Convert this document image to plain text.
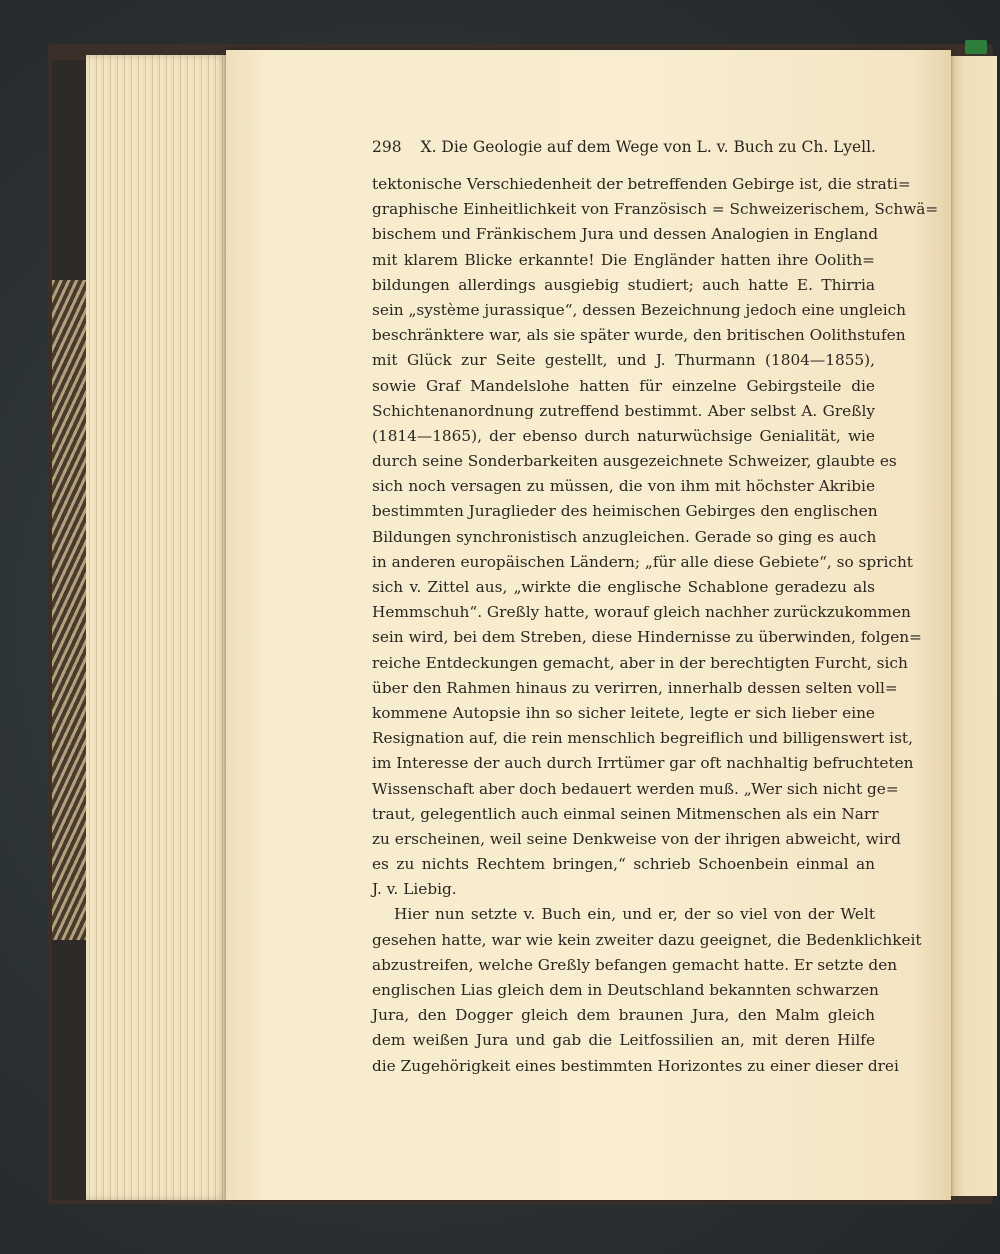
298 X. Die Geologie auf dem Wege von L. v. Buch zu Ch. Lyell.
tektonische Verschiedenheit der betreffenden Gebirge ist, die strati=
graphische Einheitlichkeit von Französisch = Schweizerischem, Schwä=
bischem und Fränkischem Jura und dessen Analogien in England
mit klarem Blicke erkannte! Die Engländer hatten ihre Oolith=
bildungen allerdings ausgiebig studiert; auch hatte E. Thirria
sein „système jurassique“, dessen Bezeichnung jedoch eine ungleich
beschränktere war, als sie später wurde, den britischen Oolithstufen
mit Glück zur Seite gestellt, und J. Thurmann (1804—1855),
sowie Graf Mandelslohe hatten für einzelne Gebirgsteile die
Schichtenanordnung zutreffend bestimmt. Aber selbst A. Greßly
(1814—1865), der ebenso durch naturwüchsige Genialität, wie
durch seine Sonderbarkeiten ausgezeichnete Schweizer, glaubte es
sich noch versagen zu müssen, die von ihm mit höchster Akribie
bestimmten Juraglieder des heimischen Gebirges den englischen
Bildungen synchronistisch anzugleichen. Gerade so ging es auch
in anderen europäischen Ländern; „für alle diese Gebiete“, so spricht
sich v. Zittel aus, „wirkte die englische Schablone geradezu als
Hemmschuh“. Greßly hatte, worauf gleich nachher zurückzukommen
sein wird, bei dem Streben, diese Hindernisse zu überwinden, folgen=
reiche Entdeckungen gemacht, aber in der berechtigten Furcht, sich
über den Rahmen hinaus zu verirren, innerhalb dessen selten voll=
kommene Autopsie ihn so sicher leitete, legte er sich lieber eine
Resignation auf, die rein menschlich begreiflich und billigenswert ist,
im Interesse der auch durch Irrtümer gar oft nachhaltig befruchteten
Wissenschaft aber doch bedauert werden muß. „Wer sich nicht ge=
traut, gelegentlich auch einmal seinen Mitmenschen als ein Narr
zu erscheinen, weil seine Denkweise von der ihrigen abweicht, wird
es zu nichts Rechtem bringen,“ schrieb Schoenbein einmal an
J. v. Liebig.
Hier nun setzte v. Buch ein, und er, der so viel von der Welt
gesehen hatte, war wie kein zweiter dazu geeignet, die Bedenklichkeit
abzustreifen, welche Greßly befangen gemacht hatte. Er setzte den
englischen Lias gleich dem in Deutschland bekannten schwarzen
Jura, den Dogger gleich dem braunen Jura, den Malm gleich
dem weißen Jura und gab die Leitfossilien an, mit deren Hilfe
die Zugehörigkeit eines bestimmten Horizontes zu einer dieser drei
